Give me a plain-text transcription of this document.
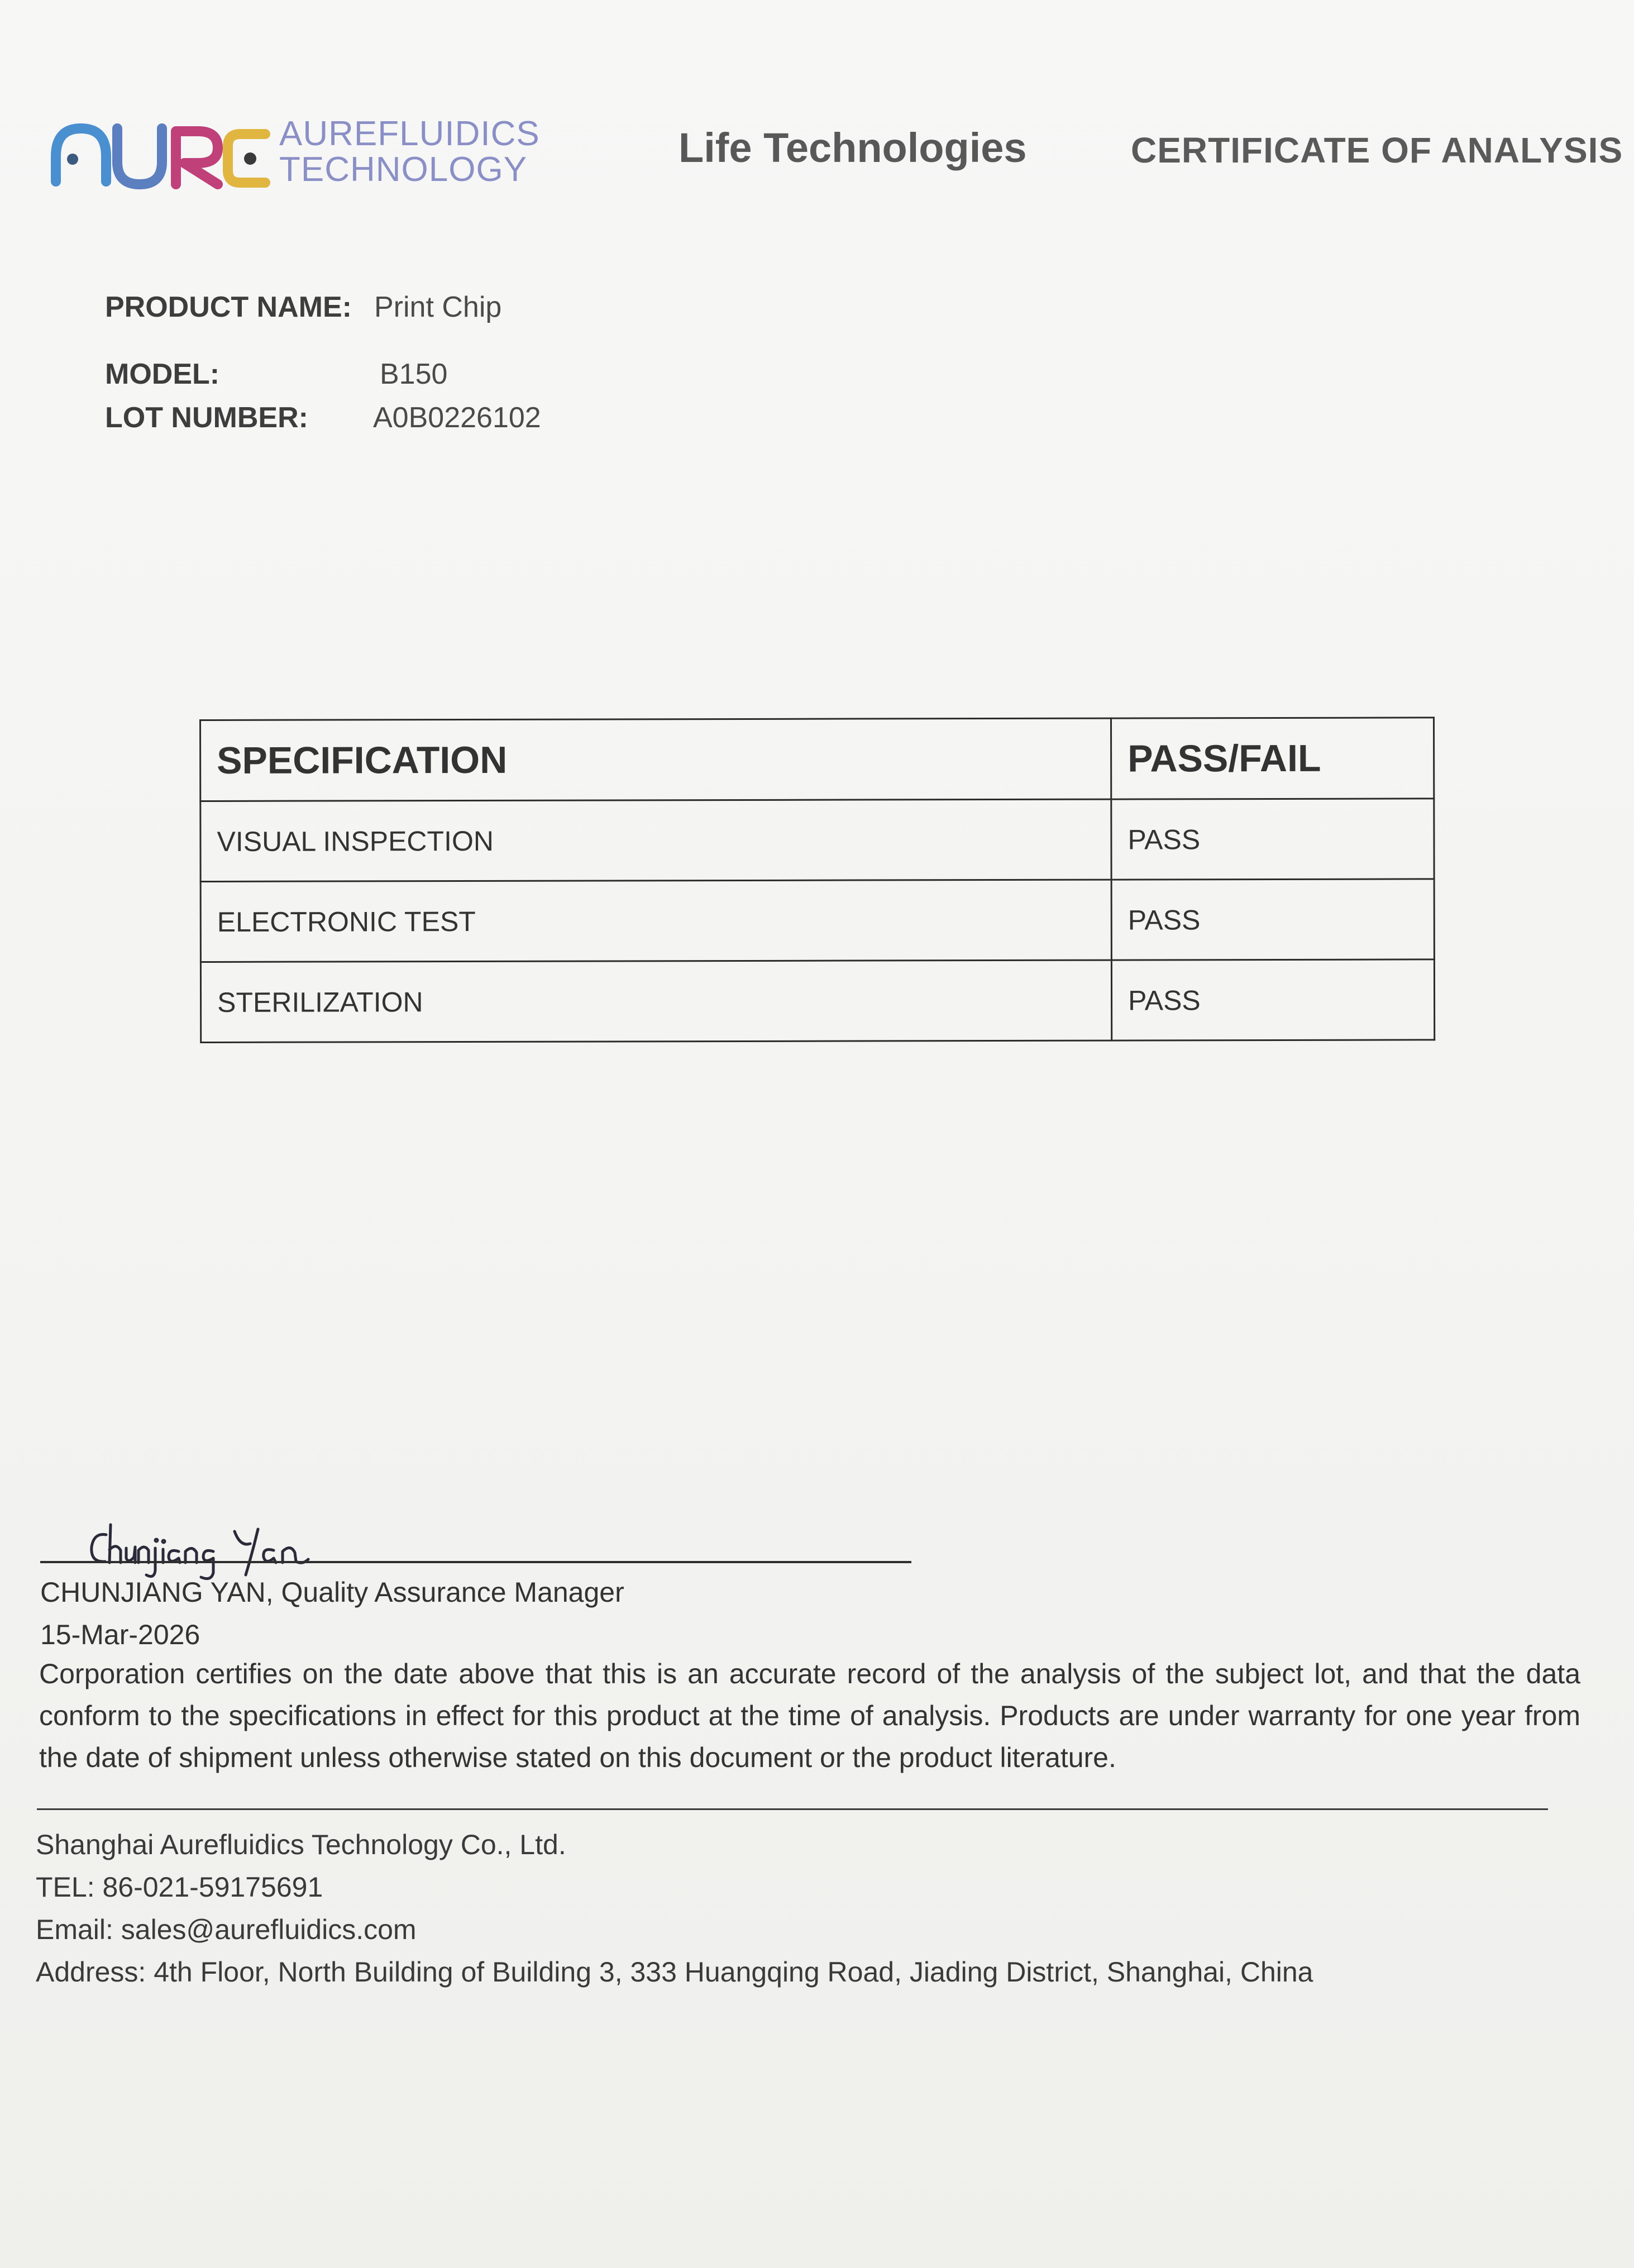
AUREFLUIDICS
TECHNOLOGY	Life Technologies	CERTIFICATE OF ANALYSIS
PRODUCT NAME: Print Chip
MODEL:	B150
LOT NUMBER: A0B0226102
SPECIFICATION	PASS/FAIL
VISUAL INSPECTION	PASS
ELECTRONIC TEST	PASS
STERILIZATION	PASS
CHUNJIANG YAN, Quality Assurance Manager
15-Mar-2026
Corporation certifies on the date above that this is an accurate record of the analysis of the subject lot, and that the data conform to the specifications in effect for this product at the time of analysis. Products are under warranty for one year from the date of shipment unless otherwise stated on this document or the product literature.
Shanghai Aurefluidics Technology Co., Ltd.
TEL: 86-021-59175691
Email: sales@aurefluidics.com
Address: 4th Floor, North Building of Building 3, 333 Huangqing Road, Jiading District, Shanghai, China
